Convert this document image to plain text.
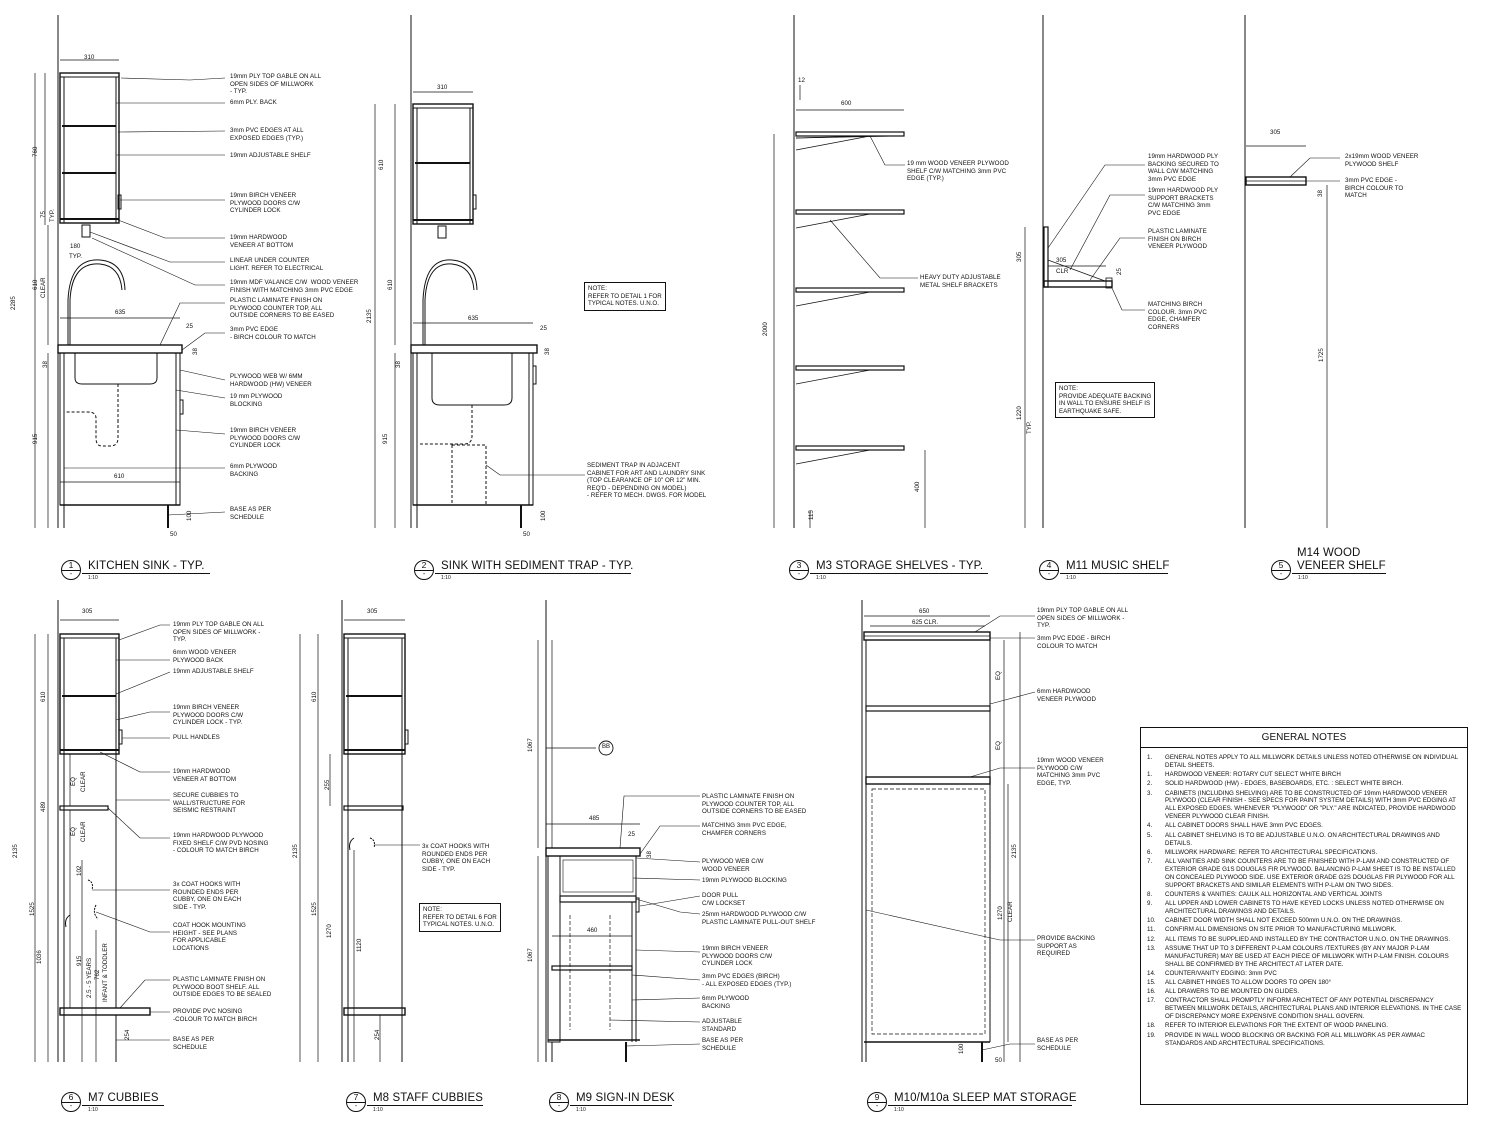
1
-
KITCHEN SINK - TYP.
1:10
2
-
SINK WITH SEDIMENT TRAP - TYP.
1:10
3
-
M3 STORAGE SHELVES - TYP.
1:10
4
-
M11 MUSIC SHELF
1:10
5
-
M14 WOOD
VENEER SHELF
1:10
6
-
M7 CUBBIES
1:10
7
-
M8 STAFF CUBBIES
1:10
8
-
M9 SIGN-IN DESK
1:10
9
-
M10/M10a SLEEP MAT STORAGE
1:10
19mm PLY TOP GABLE ON ALL
OPEN SIDES OF MILLWORK
- TYP.
6mm PLY. BACK
3mm PVC EDGES AT ALL
EXPOSED EDGES (TYP.)
19mm ADJUSTABLE SHELF
19mm BIRCH VENEER
PLYWOOD DOORS C/W
CYLINDER LOCK
19mm HARDWOOD
VENEER AT BOTTOM
LINEAR UNDER COUNTER
LIGHT. REFER TO ELECTRICAL
19mm MDF VALANCE C/W  WOOD VENEER
FINISH WITH MATCHING 3mm PVC EDGE
PLASTIC LAMINATE FINISH ON
PLYWOOD COUNTER TOP, ALL
OUTSIDE CORNERS TO BE EASED
3mm PVC EDGE
- BIRCH COLOUR TO MATCH
PLYWOOD WEB W/ 6MM
HARDWOOD (HW) VENEER
19 mm PLYWOOD
BLOCKING
19mm BIRCH VENEER
PLYWOOD DOORS C/W
CYLINDER LOCK
6mm PLYWOOD
BACKING
BASE AS PER
SCHEDULE
310
760
75 TYP.
180
TYP.
2285
610 CLEAR
635
25
38
38
915
610
100
50
SEDIMENT TRAP IN ADJACENT
CABINET FOR ART AND LAUNDRY SINK
(TOP CLEARANCE OF 10" OR 12" MIN.
REQ'D - DEPENDING ON MODEL)
- REFER TO MECH. DWGS. FOR MODEL
NOTE:
REFER TO DETAIL 1 FOR
TYPICAL NOTES. U.N.O.
310
610
610
2135	635
25
38
38
915
100
50
19 mm WOOD VENEER PLYWOOD
SHELF C/W MATCHING 3mm PVC
EDGE (TYP.)
HEAVY DUTY ADJUSTABLE
METAL SHELF BRACKETS
12
600
2000
400
115
19mm HARDWOOD PLY
BACKING SECURED TO
WALL C/W MATCHING
3mm PVC EDGE
19mm HARDWOOD PLY
SUPPORT BRACKETS
C/W MATCHING 3mm
PVC EDGE
PLASTIC LAMINATE
FINISH ON BIRCH
VENEER PLYWOOD
MATCHING BIRCH
COLOUR. 3mm PVC
EDGE, CHAMFER
CORNERS
NOTE:
PROVIDE ADEQUATE BACKING
IN WALL TO ENSURE SHELF IS
EARTHQUAKE SAFE.
305	305
CLR	25
1220
TYP.
2x19mm WOOD VENEER
PLYWOOD SHELF
3mm PVC EDGE -
BIRCH COLOUR TO
MATCH
305
38
1725
19mm PLY TOP GABLE ON ALL
OPEN SIDES OF MILLWORK -
TYP.
6mm WOOD VENEER
PLYWOOD BACK
19mm ADJUSTABLE SHELF
19mm BIRCH VENEER
PLYWOOD DOORS C/W
CYLINDER LOCK - TYP.
PULL HANDLES
19mm HARDWOOD
VENEER AT BOTTOM
SECURE CUBBIES TO
WALL/STRUCTURE FOR
SEISMIC RESTRAINT
19mm HARDWOOD PLYWOOD
FIXED SHELF C/W PVD NOSING
- COLOUR TO MATCH BIRCH
3x COAT HOOKS WITH
ROUNDED ENDS PER
CUBBY, ONE ON EACH
SIDE - TYP.
COAT HOOK MOUNTING
HEIGHT - SEE PLANS
FOR APPLICABLE
LOCATIONS
PLASTIC LAMINATE FINISH ON
PLYWOOD BOOT SHELF. ALL
OUTSIDE EDGES TO BE SEALED
PROVIDE PVC NOSING
-COLOUR TO MATCH BIRCH
BASE AS PER
SCHEDULE
305
610
489
EQ CLEAR
EQ CLEAR
2135
102
1525
915 2.5 - 5 YEARS 762 INFANT & TODDLER
1036
254
3x COAT HOOKS WITH
ROUNDED ENDS PER
CUBBY, ONE ON EACH
SIDE - TYP.
NOTE:
REFER TO DETAIL 6 FOR
TYPICAL NOTES. U.N.O.
305
610
255
2135
1525
1270
1120
254
PLASTIC LAMINATE FINISH ON
PLYWOOD COUNTER TOP, ALL
OUTSIDE CORNERS TO BE EASED
MATCHING 3mm PVC EDGE,
CHAMFER CORNERS
PLYWOOD WEB C/W
WOOD VENEER
19mm PLYWOOD BLOCKING
DOOR PULL
C/W LOCKSET
25mm HARDWOOD PLYWOOD C/W
PLASTIC LAMINATE PULL-OUT SHELF
19mm BIRCH VENEER
PLYWOOD DOORS C/W
CYLINDER LOCK
3mm PVC EDGES (BIRCH)
- ALL EXPOSED EDGES (TYP.)
6mm PLYWOOD
BACKING
ADJUSTABLE
STANDARD
BASE AS PER
SCHEDULE
485
25
38
460
1067
1067
BB
19mm PLY TOP GABLE ON ALL
OPEN SIDES OF MILLWORK -
TYP.
3mm PVC EDGE - BIRCH
COLOUR TO MATCH
6mm HARDWOOD
VENEER PLYWOOD
19mm WOOD VENEER
PLYWOOD C/W
MATCHING 3mm PVC
EDGE, TYP.
PROVIDE BACKING
SUPPORT AS
REQUIRED
BASE AS PER
SCHEDULE
650
625 CLR.
EQ
EQ
2135
1270 CLEAR
100
50
GENERAL NOTES
1. GENERAL NOTES APPLY TO ALL MILLWORK DETAILS UNLESS NOTED OTHERWISE ON INDIVIDUAL DETAIL SHEETS.
1. HARDWOOD VENEER: ROTARY CUT SELECT WHITE BIRCH
2. SOLID HARDWOOD (HW) - EDGES, BASEBOARDS, ETC. : SELECT WHITE BIRCH.
3. CABINETS (INCLUDING SHELVING) ARE TO BE CONSTRUCTED OF 19mm HARDWOOD VENEER PLYWOOD (CLEAR FINISH - SEE SPECS FOR PAINT SYSTEM DETAILS) WITH 3mm PVC EDGING AT ALL EXPOSED EDGES. WHENEVER "PLYWOOD" OR "PLY." ARE INDICATED, PROVIDE HARDWOOD VENEER PLYWOOD CLEAR FINISH.
4. ALL CABINET DOORS SHALL HAVE 3mm PVC EDGES.
5. ALL CABINET SHELVING IS TO BE ADJUSTABLE U.N.O. ON ARCHITECTURAL DRAWINGS AND DETAILS.
6. MILLWORK HARDWARE: REFER TO ARCHITECTURAL SPECIFICATIONS.
7. ALL VANITIES AND SINK COUNTERS ARE TO BE FINISHED WITH P-LAM AND CONSTRUCTED OF EXTERIOR GRADE G1S DOUGLAS FIR PLYWOOD. BALANCING P-LAM SHEET IS TO BE INSTALLED ON CONCEALED PLYWOOD SIDE. USE EXTERIOR GRADE G2S DOUGLAS FIR PLYWOOD FOR ALL SUPPORT BRACKETS AND SIMILAR ELEMENTS WITH P-LAM ON TWO SIDES.
8. COUNTERS & VANITIES: CAULK ALL HORIZONTAL AND VERTICAL JOINTS
9. ALL UPPER AND LOWER CABINETS TO HAVE KEYED LOCKS UNLESS NOTED OTHERWISE ON ARCHITECTURAL DRAWINGS AND DETAILS.
10. CABINET DOOR WIDTH SHALL NOT EXCEED 500mm U.N.O. ON THE DRAWINGS.
11. CONFIRM ALL DIMENSIONS ON SITE PRIOR TO MANUFACTURING MILLWORK.
12. ALL ITEMS TO BE SUPPLIED AND INSTALLED BY THE CONTRACTOR U.N.O. ON THE DRAWINGS.
13. ASSUME THAT UP TO 3 DIFFERENT P-LAM COLOURS /TEXTURES (BY ANY MAJOR P-LAM MANUFACTURER) MAY BE USED AT EACH PIECE OF MILLWORK WITH P-LAM FINISH. COLOURS SHALL BE CONFIRMED BY THE ARCHITECT AT LATER DATE.
14. COUNTER/VANITY EDGING: 3mm PVC
15. ALL CABINET HINGES TO ALLOW DOORS TO OPEN 180°
16. ALL DRAWERS TO BE MOUNTED ON GLIDES.
17. CONTRACTOR SHALL PROMPTLY INFORM ARCHITECT OF ANY POTENTIAL DISCREPANCY BETWEEN MILLWORK DETAILS, ARCHITECTURAL PLANS AND INTERIOR ELEVATIONS. IN THE CASE OF DISCREPANCY MORE EXPENSIVE CONDITION SHALL GOVERN.
18. REFER TO INTERIOR ELEVATIONS FOR THE EXTENT OF WOOD PANELING.
19. PROVIDE IN WALL WOOD BLOCKING OR BACKING FOR ALL MILLWORK AS PER AWMAC STANDARDS AND ARCHITECTURAL SPECIFICATIONS.
